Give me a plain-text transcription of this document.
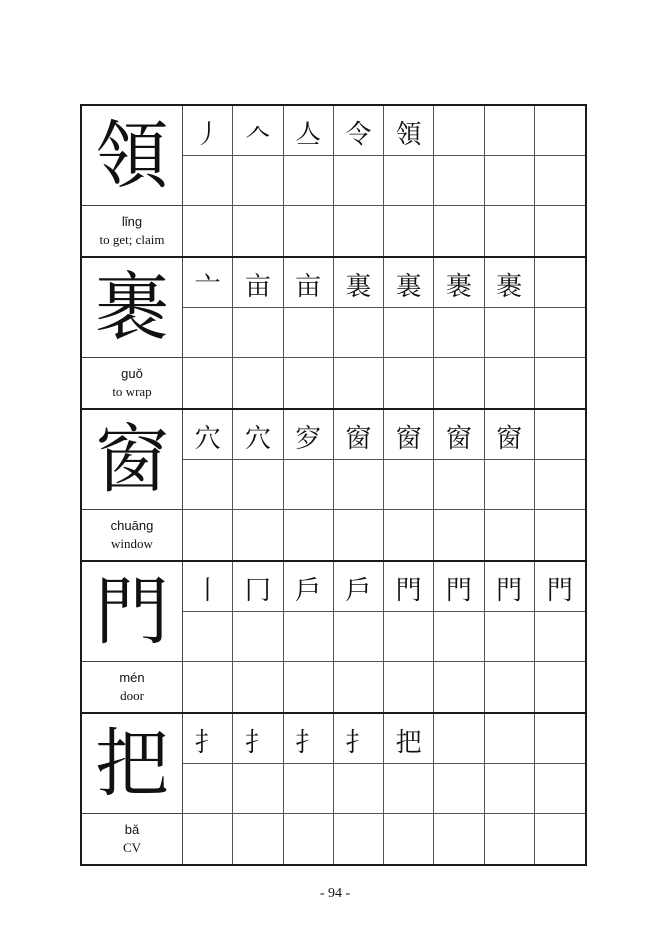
領
lǐng
to get; claim
丿 𠆢 亼 令 領
裹
guǒ
to wrap
亠 亩 亩 裏 裏 裹 裹
窗
chuāng
window
穴 穴 穸 窗 窗 窗 窗
門
mén
door
丨 冂 戶 戶 門 門 門 門
把
bǎ
CV
扌 扌 扌 扌 把
- 94 -
